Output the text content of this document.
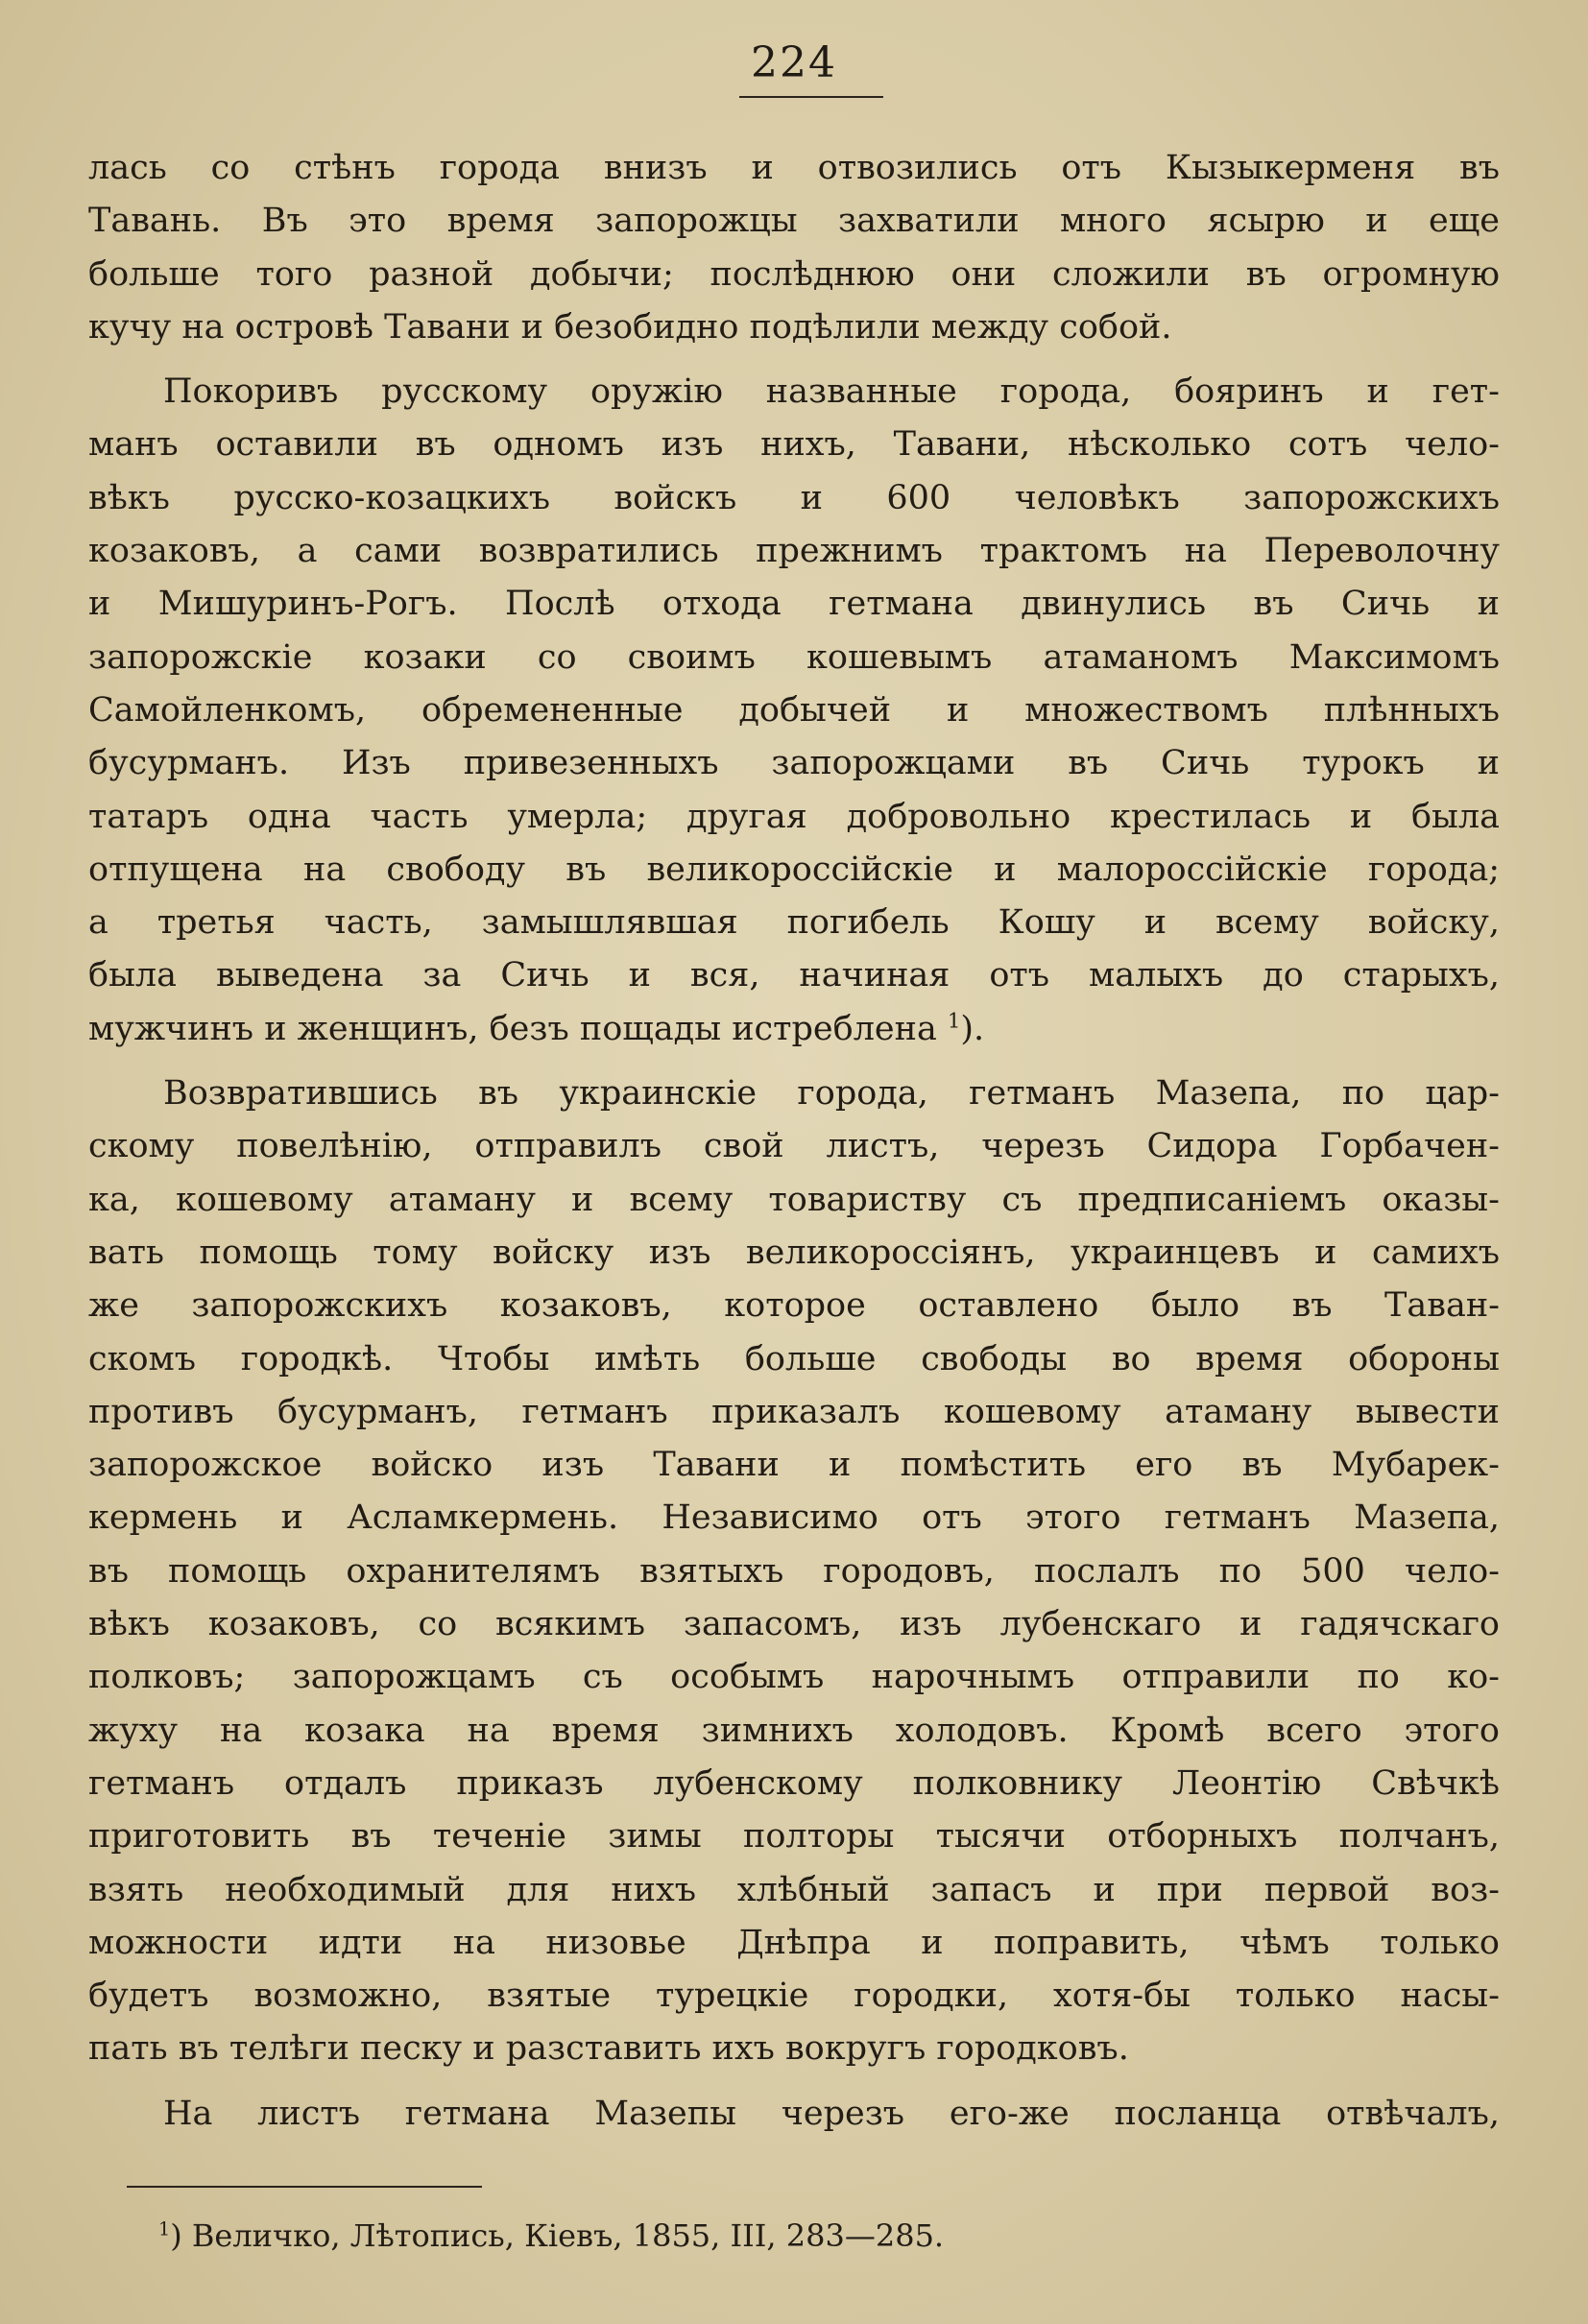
224
лась со стѣнъ города внизъ и отвозились отъ Кызыкерменя въ
Тавань. Въ это время запорожцы захватили много ясырю и еще
больше того разной добычи; послѣднюю они сложили въ огромную
кучу на островѣ Тавани и безобидно подѣлили между собой.
Покоривъ русскому оружію названные города, бояринъ и гет-
манъ оставили въ одномъ изъ нихъ, Тавани, нѣсколько сотъ чело-
вѣкъ русско-козацкихъ войскъ и 600 человѣкъ запорожскихъ
козаковъ, а сами возвратились прежнимъ трактомъ на Переволочну
и Мишуринъ-Рогъ. Послѣ отхода гетмана двинулись въ Сичь и
запорожскіе козаки со своимъ кошевымъ атаманомъ Максимомъ
Самойленкомъ, обремененные добычей и множествомъ плѣнныхъ
бусурманъ. Изъ привезенныхъ запорожцами въ Сичь турокъ и
татаръ одна часть умерла; другая добровольно крестилась и была
отпущена на свободу въ великороссійскіе и малороссійскіе города;
а третья часть, замышлявшая погибель Кошу и всему войску,
была выведена за Сичь и вся, начиная отъ малыхъ до старыхъ,
мужчинъ и женщинъ, безъ пощады истреблена $^1$).
Возвратившись въ украинскіе города, гетманъ Мазепа, по цар-
скому повелѣнію, отправилъ свой листъ, черезъ Сидора Горбачен-
ка, кошевому атаману и всему товариству съ предписаніемъ оказы-
вать помощь тому войску изъ великороссіянъ, украинцевъ и самихъ
же запорожскихъ козаковъ, которое оставлено было въ Таван-
скомъ городкѣ. Чтобы имѣть больше свободы во время обороны
противъ бусурманъ, гетманъ приказалъ кошевому атаману вывести
запорожское войско изъ Тавани и помѣстить его въ Мубарек-
кермень и Асламкермень. Независимо отъ этого гетманъ Мазепа,
въ помощь охранителямъ взятыхъ городовъ, послалъ по 500 чело-
вѣкъ козаковъ, со всякимъ запасомъ, изъ лубенскаго и гадячскаго
полковъ; запорожцамъ съ особымъ нарочнымъ отправили по ко-
жуху на козака на время зимнихъ холодовъ. Кромѣ всего этого
гетманъ отдалъ приказъ лубенскому полковнику Леонтію Свѣчкѣ
приготовить въ теченіе зимы полторы тысячи отборныхъ полчанъ,
взять необходимый для нихъ хлѣбный запасъ и при первой воз-
можности идти на низовье Днѣпра и поправить, чѣмъ только
будетъ возможно, взятые турецкіе городки, хотя-бы только насы-
пать въ телѣги песку и разставить ихъ вокругъ городковъ.
На листъ гетмана Мазепы черезъ его-же посланца отвѣчалъ,
$^1$) Величко, Лѣтопись, Кіевъ, 1855, III, 283—285.
